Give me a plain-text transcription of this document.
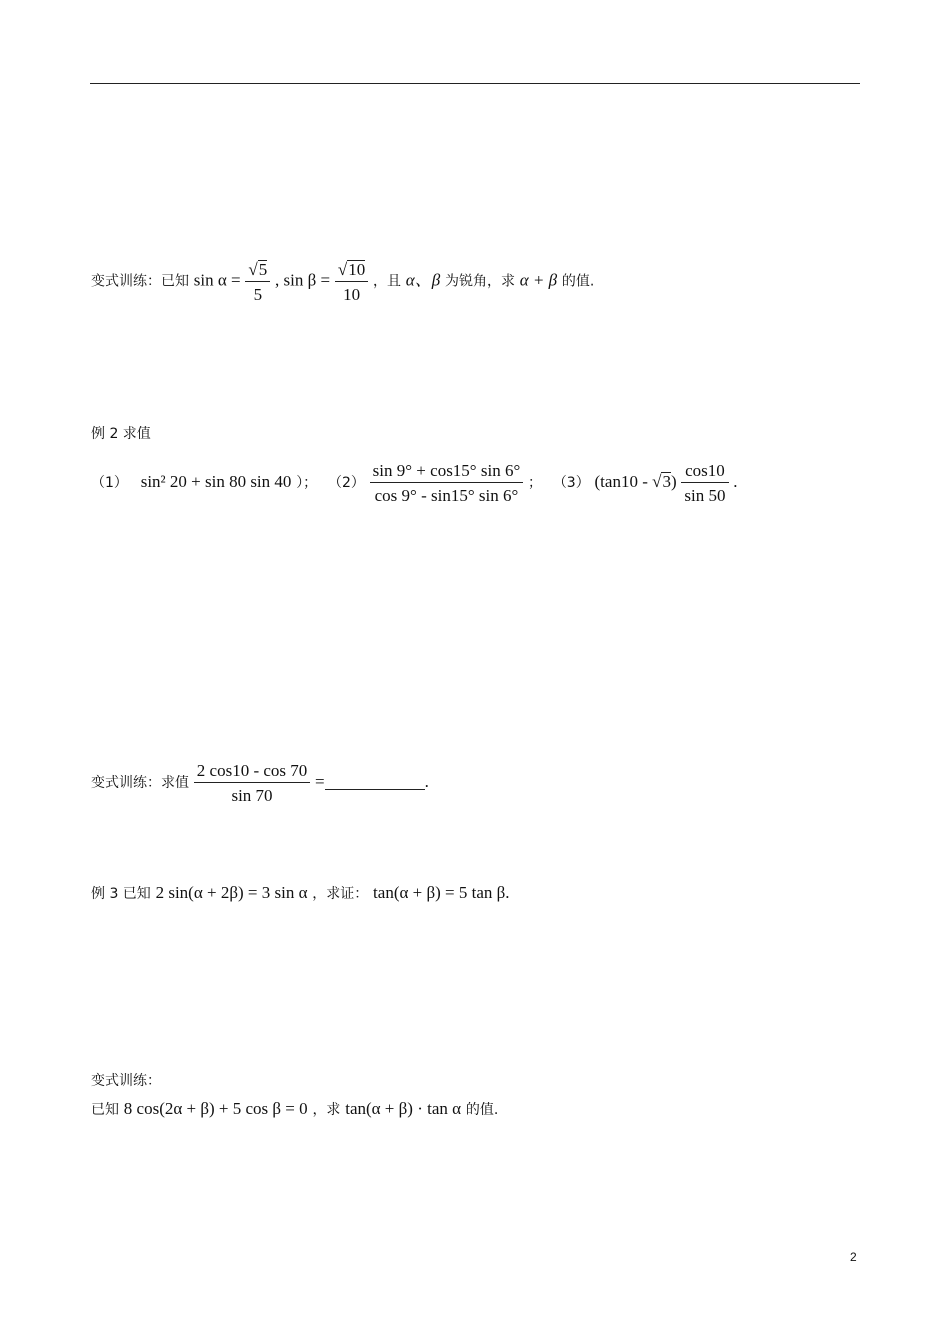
变式训练：已知 $\sin \alpha = \frac{√5}{5}$ , $\sin \beta = \frac{√10}{10}$ ，且 α、β 为锐角，求 α + β 的值.
例 2 求值
（1） sin² 20 + sin 80 sin 40 ）； $(2) \frac{\sin 9^\circ + \cos 15^\circ \sin 6^\circ}{\cos 9^\circ - \sin 15^\circ \sin 6^\circ}$ ； （3） $(\tan 10 - √3) \frac{\cos 10}{\sin 50}$ .
变式训练：求值 $\frac{2 \cos 10 - \cos 70}{\sin 70}$ =	.
例 3 已知 2 sin(α + 2β) = 3 sin α ，求证： tan(α + β) = 5 tan β.
变式训练：
已知 8 cos(2α + β) + 5 cos β = 0 ，求 tan(α + β) · tan α 的值.
2
